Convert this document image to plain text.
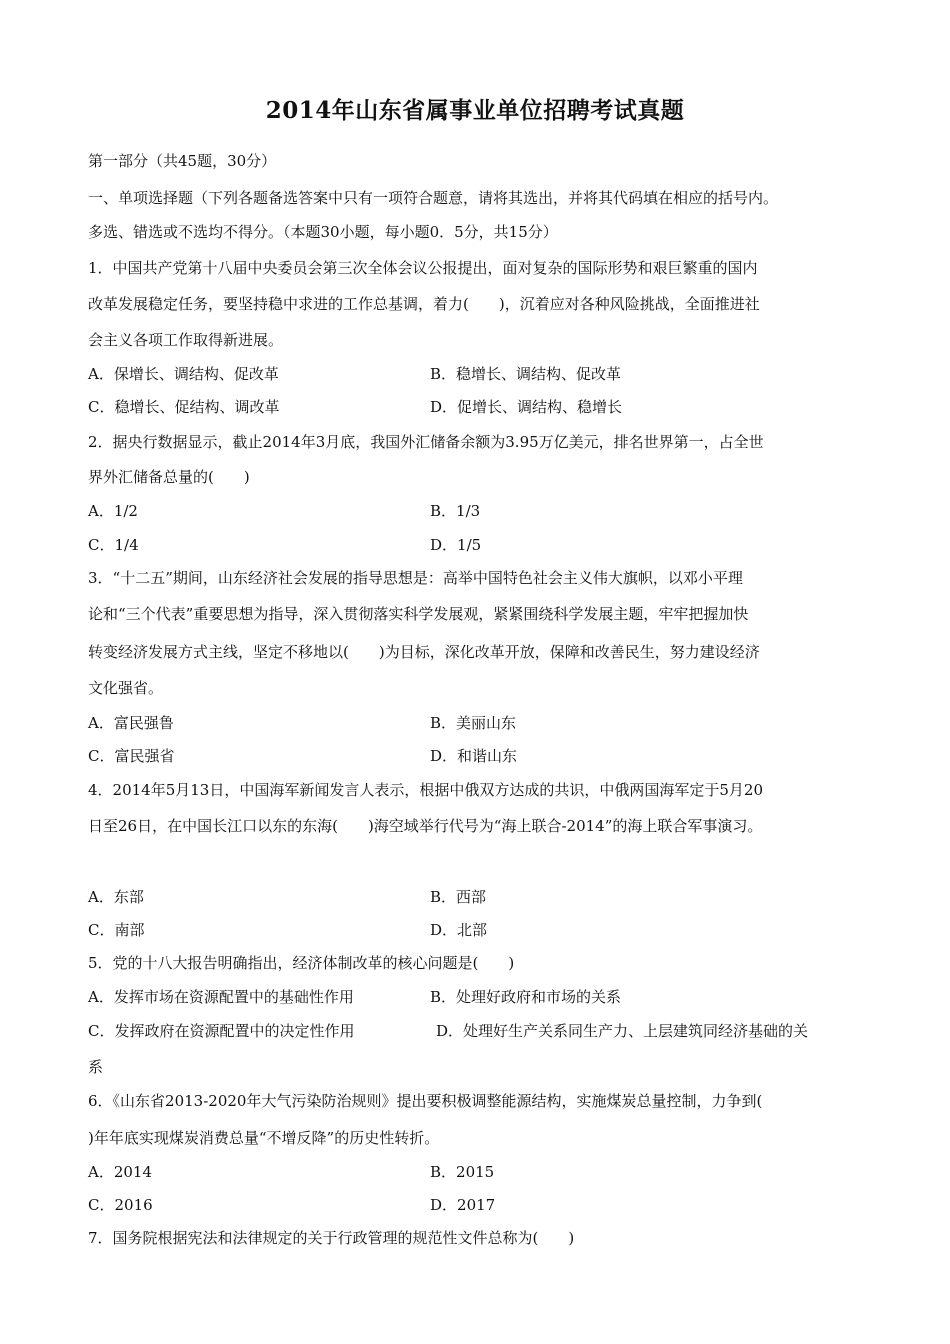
2014年山东省属事业单位招聘考试真题
第一部分（共45题，30分）
一、单项选择题（下列各题备选答案中只有一项符合题意，请将其选出，并将其代码填在相应的括号内。
多选、错选或不选均不得分。（本题30小题，每小题0．5分，共15分）
1．中国共产党第十八届中央委员会第三次全体会议公报提出，面对复杂的国际形势和艰巨繁重的国内
改革发展稳定任务，要坚持稳中求进的工作总基调，着力(　　)，沉着应对各种风险挑战，全面推进社
会主义各项工作取得新进展。
A．保增长、调结构、促改革	B．稳增长、调结构、促改革
C．稳增长、促结构、调改革	D．促增长、调结构、稳增长
2．据央行数据显示，截止2014年3月底，我国外汇储备余额为3.95万亿美元，排名世界第一，占全世
界外汇储备总量的(　　)
A．1/2	B．1/3
C．1/4	D．1/5
3．“十二五”期间，山东经济社会发展的指导思想是：高举中国特色社会主义伟大旗帜，以邓小平理
论和“三个代表”重要思想为指导，深入贯彻落实科学发展观，紧紧围绕科学发展主题，牢牢把握加快
转变经济发展方式主线，坚定不移地以(　　)为目标，深化改革开放，保障和改善民生，努力建设经济
文化强省。
A．富民强鲁	B．美丽山东
C．富民强省	D．和谐山东
4．2014年5月13日，中国海军新闻发言人表示，根据中俄双方达成的共识，中俄两国海军定于5月20
日至26日，在中国长江口以东的东海(　　)海空域举行代号为“海上联合-2014”的海上联合军事演习。
A．东部	B．西部
C．南部	D．北部
5．党的十八大报告明确指出，经济体制改革的核心问题是(　　)
A．发挥市场在资源配置中的基础性作用	B．处理好政府和市场的关系
C．发挥政府在资源配置中的决定性作用	D．处理好生产关系同生产力、上层建筑同经济基础的关
系
6．《山东省2013-2020年大气污染防治规则》提出要积极调整能源结构，实施煤炭总量控制，力争到(
)年年底实现煤炭消费总量“不增反降”的历史性转折。
A．2014	B．2015
C．2016	D．2017
7．国务院根据宪法和法律规定的关于行政管理的规范性文件总称为(　　)
